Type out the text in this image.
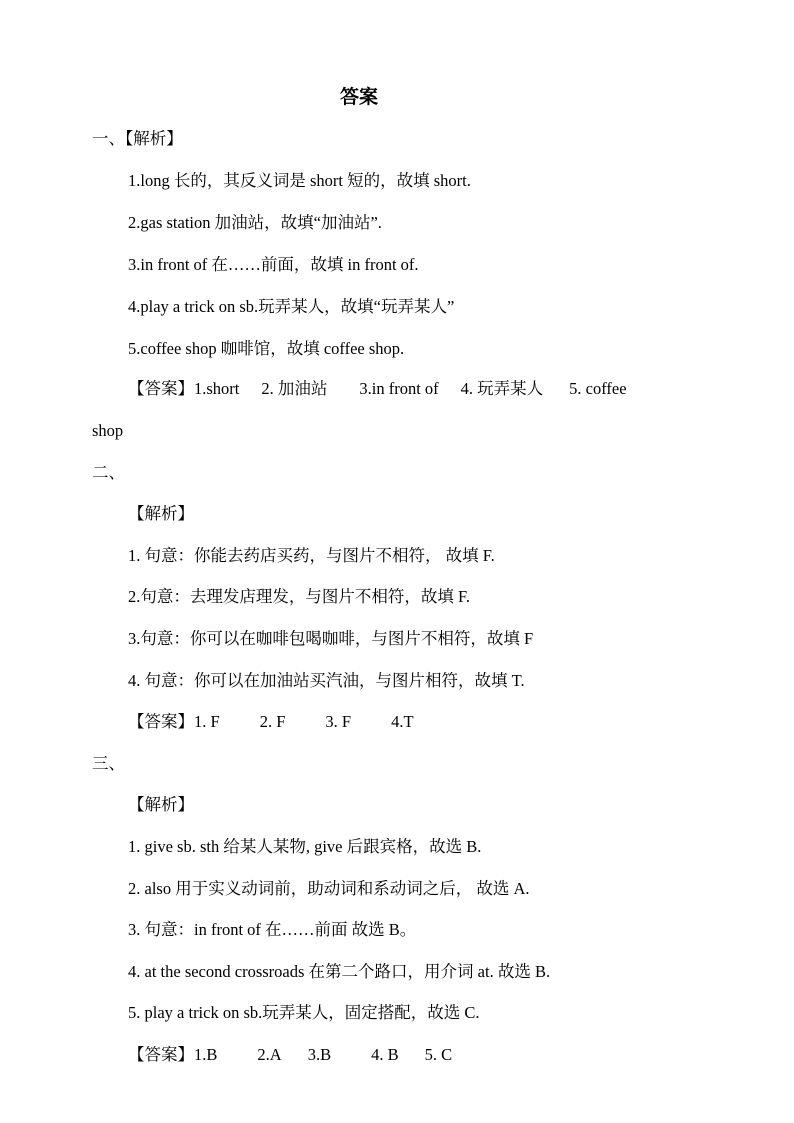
答案
一、【解析】
1.long 长的，其反义词是 short 短的，故填 short.
2.gas station 加油站，故填“加油站”.
3.in front of 在……前面，故填 in front of.
4.play a trick on sb.玩弄某人，故填“玩弄某人”
5.coffee shop 咖啡馆，故填 coffee shop.
【答案】1.short 2. 加油站 3.in front of 4. 玩弄某人 5. coffee
shop
二、
【解析】
1. 句意：你能去药店买药，与图片不相符， 故填 F.
2.句意：去理发店理发，与图片不相符，故填 F.
3.句意：你可以在咖啡包喝咖啡，与图片不相符，故填 F
4. 句意：你可以在加油站买汽油，与图片相符，故填 T.
【答案】1. F 2. F 3. F 4.T
三、
【解析】
1. give sb. sth 给某人某物, give 后跟宾格，故选 B.
2. also 用于实义动词前，助动词和系动词之后， 故选 A.
3. 句意：in front of 在……前面 故选 B。
4. at the second crossroads 在第二个路口，用介词 at. 故选 B.
5. play a trick on sb.玩弄某人，固定搭配，故选 C.
【答案】1.B 2.A 3.B 4. B 5. C
